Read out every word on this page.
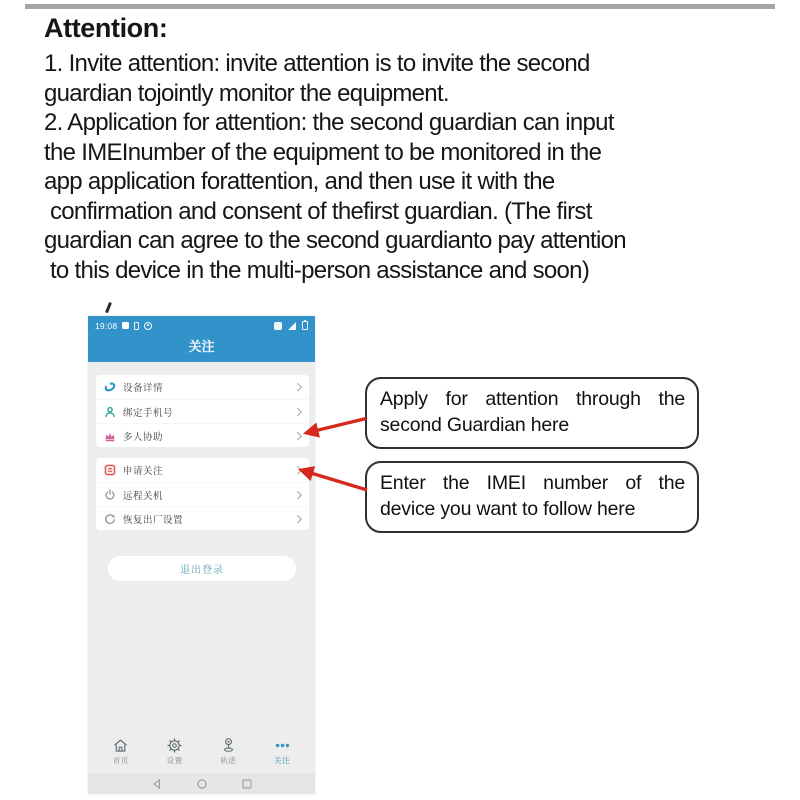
Attention:
1. Invite attention: invite attention is to invite the second
guardian tojointly monitor the equipment.
2. Application for attention: the second guardian can input
the IMEInumber of the equipment to be monitored in the
app application forattention, and then use it with the
confirmation and consent of thefirst guardian. (The first
guardian can agree to the second guardianto pay attention
to this device in the multi-person assistance and soon)
19:08
关注
设备详情
绑定手机号
多人协助
申请关注
远程关机
恢复出厂设置
退出登录
首页	设置	轨迹	关注
Apply for attention through the
second Guardian here
Enter the IMEI number of the
device you want to follow here
